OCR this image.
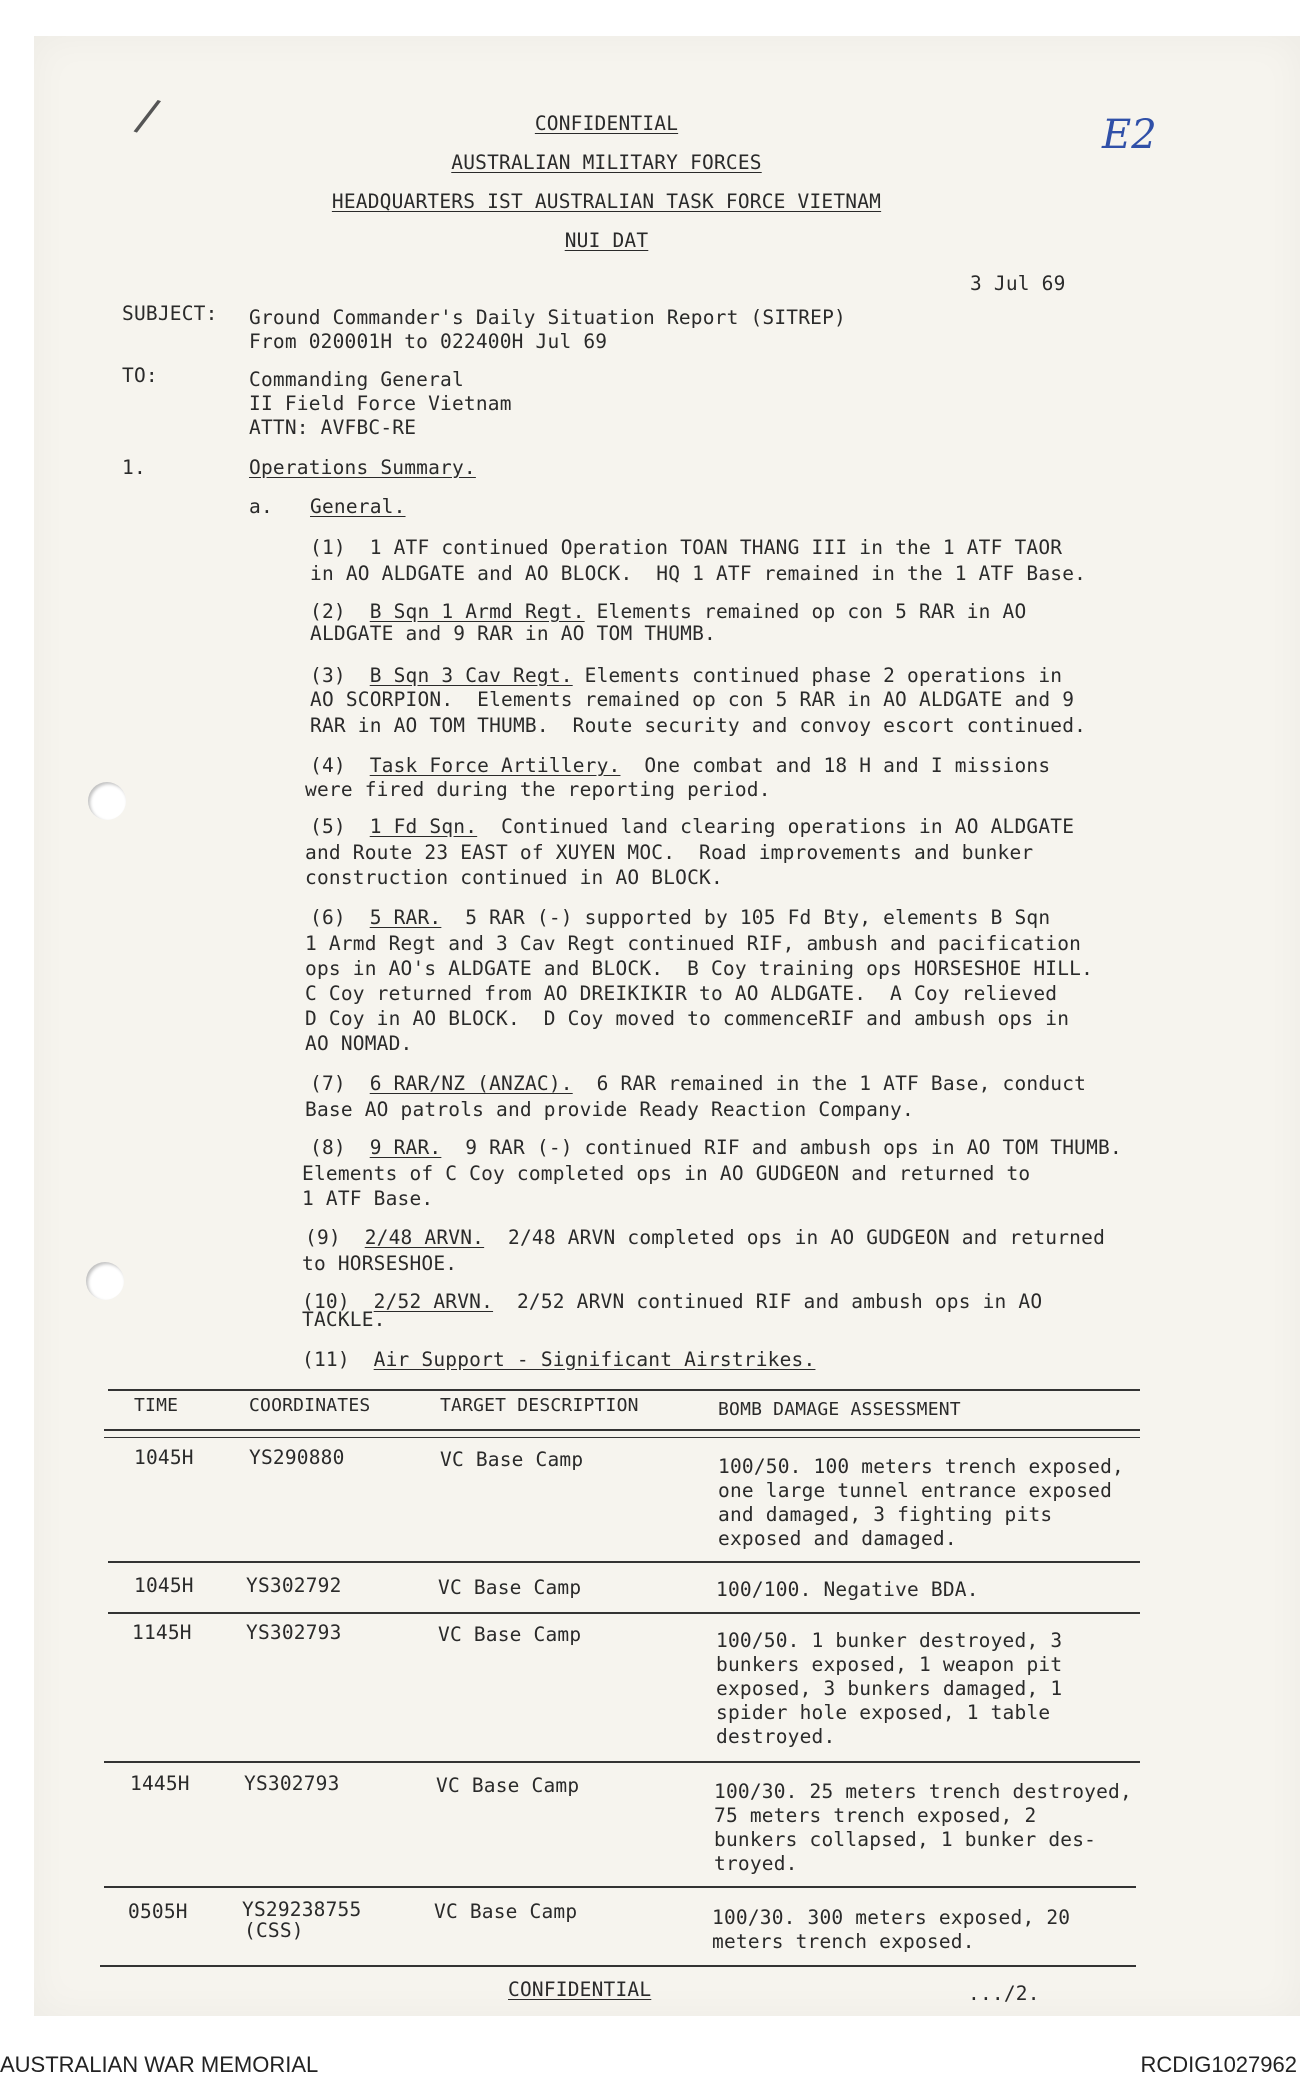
/	E2
CONFIDENTIAL
AUSTRALIAN MILITARY FORCES
HEADQUARTERS IST AUSTRALIAN TASK FORCE VIETNAM
NUI DAT
3 Jul 69
SUBJECT: Ground Commander's Daily Situation Report (SITREP)
From 020001H to 022400H Jul 69
TO:	Commanding General
II Field Force Vietnam
ATTN: AVFBC-RE
1.	Operations Summary.
a. General.
(1) 1 ATF continued Operation TOAN THANG III in the 1 ATF TAOR
in AO ALDGATE and AO BLOCK.  HQ 1 ATF remained in the 1 ATF Base.
(2) B Sqn 1 Armd Regt. Elements remained op con 5 RAR in AO
ALDGATE and 9 RAR in AO TOM THUMB.
(3) B Sqn 3 Cav Regt. Elements continued phase 2 operations in
AO SCORPION.  Elements remained op con 5 RAR in AO ALDGATE and 9
RAR in AO TOM THUMB.  Route security and convoy escort continued.
(4) Task Force Artillery.  One combat and 18 H and I missions
were fired during the reporting period.
(5) 1 Fd Sqn.  Continued land clearing operations in AO ALDGATE
and Route 23 EAST of XUYEN MOC.  Road improvements and bunker
construction continued in AO BLOCK.
(6) 5 RAR.  5 RAR (-) supported by 105 Fd Bty, elements B Sqn
1 Armd Regt and 3 Cav Regt continued RIF, ambush and pacification
ops in AO's ALDGATE and BLOCK.  B Coy training ops HORSESHOE HILL.
C Coy returned from AO DREIKIKIR to AO ALDGATE.  A Coy relieved
D Coy in AO BLOCK.  D Coy moved to commenceRIF and ambush ops in
AO NOMAD.
(7) 6 RAR/NZ (ANZAC).  6 RAR remained in the 1 ATF Base, conduct
Base AO patrols and provide Ready Reaction Company.
(8) 9 RAR.  9 RAR (-) continued RIF and ambush ops in AO TOM THUMB.
Elements of C Coy completed ops in AO GUDGEON and returned to
1 ATF Base.
(9) 2/48 ARVN.  2/48 ARVN completed ops in AO GUDGEON and returned
to HORSESHOE.
(10) 2/52 ARVN.  2/52 ARVN continued RIF and ambush ops in AO
TACKLE.
(11) Air Support - Significant Airstrikes.
TIME	COORDINATES	TARGET DESCRIPTION	BOMB DAMAGE ASSESSMENT
1045H	YS290880	VC Base Camp	100/50. 100 meters trench exposed,
one large tunnel entrance exposed
and damaged, 3 fighting pits
exposed and damaged.
1045H	YS302792	VC Base Camp	100/100. Negative BDA.
1145H	YS302793	VC Base Camp	100/50. 1 bunker destroyed, 3
bunkers exposed, 1 weapon pit
exposed, 3 bunkers damaged, 1
spider hole exposed, 1 table
destroyed.
1445H	YS302793	VC Base Camp	100/30. 25 meters trench destroyed,
75 meters trench exposed, 2
bunkers collapsed, 1 bunker des-
troyed.
0505H	YS29238755
(CSS)
VC Base Camp	100/30. 300 meters exposed, 20
meters trench exposed.
CONFIDENTIAL	.../2.
AUSTRALIAN WAR MEMORIAL	RCDIG1027962
